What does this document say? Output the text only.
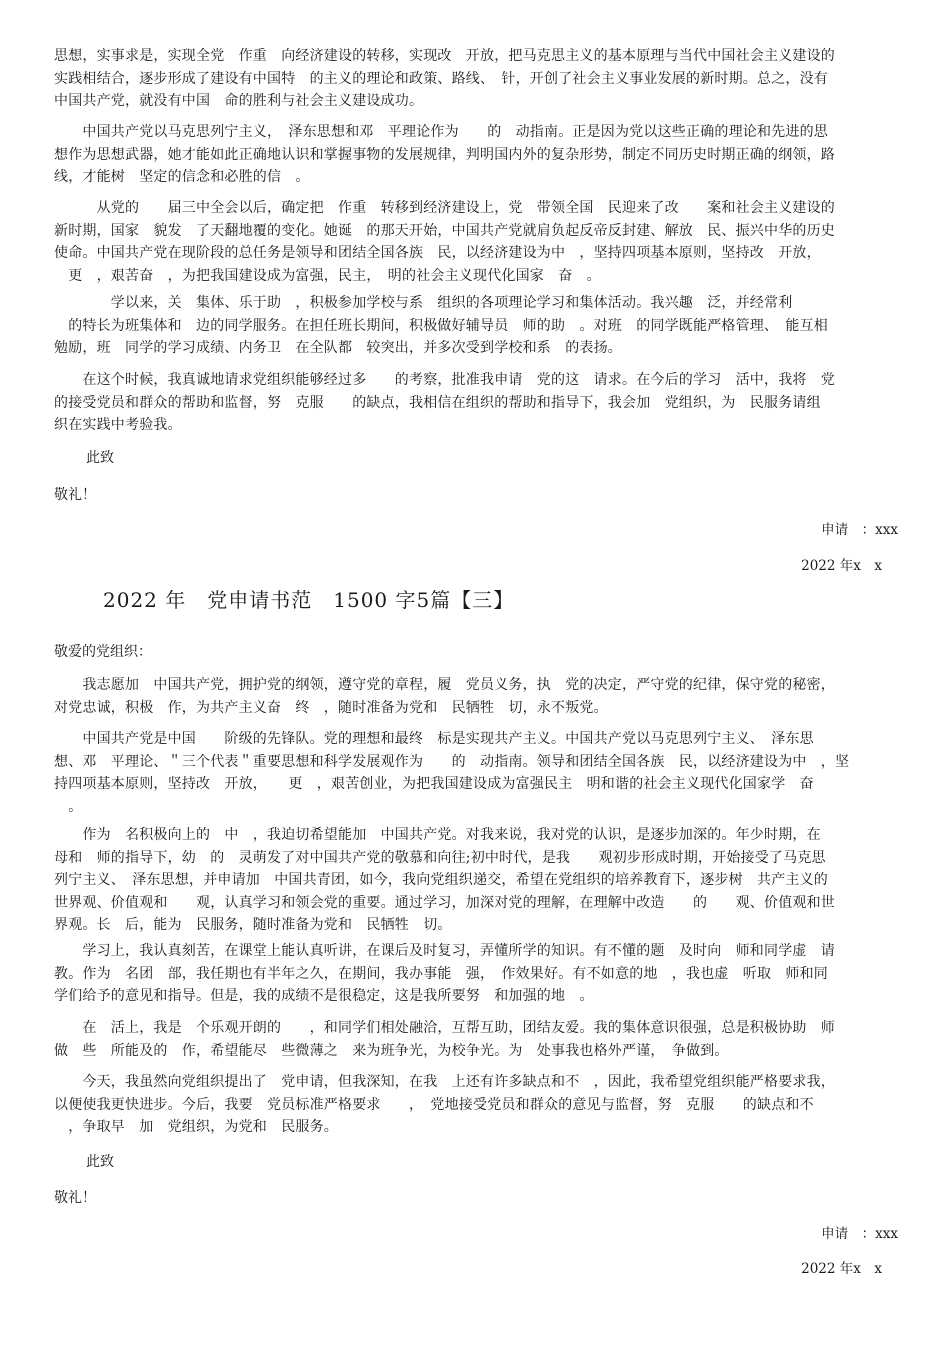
思想，实事求是，实现全党　作重　向经济建设的转移，实现改　开放，把马克思主义的基本原理与当代中国社会主义建设的
实践相结合，逐步形成了建设有中国特　的主义的理论和政策、路线、　针，开创了社会主义事业发展的新时期。总之，没有
中国共产党，就没有中国　命的胜利与社会主义建设成功。
　　中国共产党以马克思列宁主义，　泽东思想和邓　平理论作为　　的　动指南。正是因为党以这些正确的理论和先进的思
想作为思想武器，她才能如此正确地认识和掌握事物的发展规律，判明国内外的复杂形势，制定不同历史时期正确的纲领，路
线，才能树　坚定的信念和必胜的信　。
　　　从党的　　届三中全会以后，确定把　作重　转移到经济建设上，党　带领全国　民迎来了改　　案和社会主义建设的
新时期，国家　貌发　了天翻地覆的变化。她诞　的那天开始，中国共产党就肩负起反帝反封建、解放　民、振兴中华的历史
使命。中国共产党在现阶段的总任务是领导和团结全国各族　民，以经济建设为中　，坚持四项基本原则，坚持改　开放，
　更　，艰苦奋　，为把我国建设成为富强，民主，　明的社会主义现代化国家　奋　。
　　　　学以来，关　集体、乐于助　，积极参加学校与系　组织的各项理论学习和集体活动。我兴趣　泛，并经常利
　的特长为班集体和　边的同学服务。在担任班长期间，积极做好辅导员　师的助　。对班　的同学既能严格管理、　能互相
勉励，班　同学的学习成绩、内务卫　在全队都　较突出，并多次受到学校和系　的表扬。
　　在这个时候，我真诚地请求党组织能够经过多　　的考察，批准我申请　党的这　请求。在今后的学习　活中，我将　党
的接受党员和群众的帮助和监督，努　克服　　的缺点，我相信在组织的帮助和指导下，我会加　党组织，为　民服务请组
织在实践中考验我。
此致
敬礼！
申请　：xxx
2022 年x　x
2022 年　党申请书范　1500 字5篇【三】
敬爱的党组织：
　　我志愿加　中国共产党，拥护党的纲领，遵守党的章程，履　党员义务，执　党的决定，严守党的纪律，保守党的秘密，
对党忠诚，积极　作，为共产主义奋　终　，随时准备为党和　民牺牲　切，永不叛党。
　　中国共产党是中国　　阶级的先锋队。党的理想和最终　标是实现共产主义。中国共产党以马克思列宁主义、　泽东思
想、邓　平理论、＂三个代表＂重要思想和科学发展观作为　　的　动指南。领导和团结全国各族　民，以经济建设为中　，坚
持四项基本原则，坚持改　开放，　　更　，艰苦创业，为把我国建设成为富强民主　明和谐的社会主义现代化国家学　奋
　。
　　作为　名积极向上的　中　，我迫切希望能加　中国共产党。对我来说，我对党的认识，是逐步加深的。年少时期，在
母和　师的指导下，幼　的　灵萌发了对中国共产党的敬慕和向往;初中时代，是我　　观初步形成时期，开始接受了马克思
列宁主义、　泽东思想，并申请加　中国共青团，如今，我向党组织递交，希望在党组织的培养教育下，逐步树　共产主义的
世界观、价值观和　　观，认真学习和领会党的重要。通过学习，加深对党的理解，在理解中改造　　的　　观、价值观和世
界观。长　后，能为　民服务，随时准备为党和　民牺牲　切。
　　学习上，我认真刻苦，在课堂上能认真听讲，在课后及时复习，弄懂所学的知识。有不懂的题　及时向　师和同学虚　请
教。作为　名团　部，我任期也有半年之久，在期间，我办事能　强，　作效果好。有不如意的地　，我也虚　听取　师和同
学们给予的意见和指导。但是，我的成绩不是很稳定，这是我所要努　和加强的地　。
　　在　活上，我是　个乐观开朗的　　，和同学们相处融洽，互帮互助，团结友爱。我的集体意识很强，总是积极协助　师
做　些　所能及的　作，希望能尽　些微薄之　来为班争光，为校争光。为　处事我也格外严谨，　争做到。
　　今天，我虽然向党组织提出了　党申请，但我深知，在我　上还有许多缺点和不　，因此，我希望党组织能严格要求我，
以便使我更快进步。今后，我要　党员标准严格要求　　，　党地接受党员和群众的意见与监督，努　克服　　的缺点和不
　，争取早　加　党组织，为党和　民服务。
此致
敬礼！
申请　：xxx
2022 年x　x
